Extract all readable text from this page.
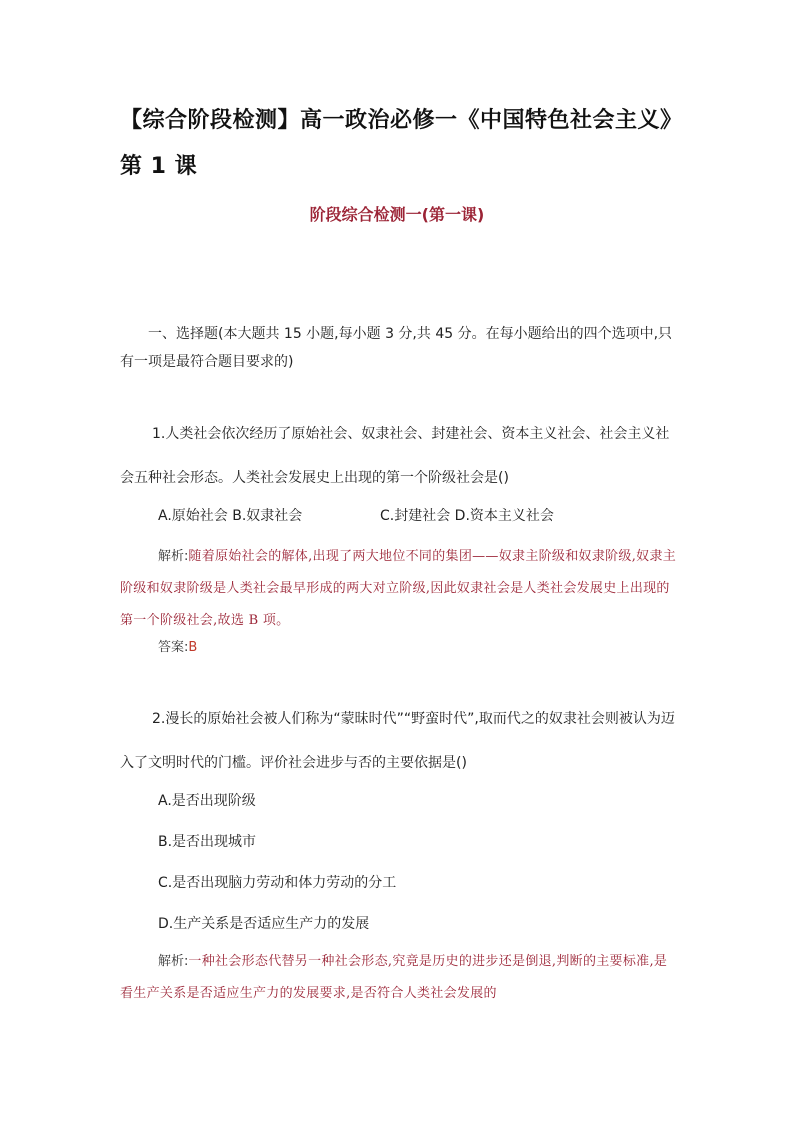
【综合阶段检测】高一政治必修一《中国特色社会主义》第 1 课
阶段综合检测一(第一课)
一、选择题(本大题共 15 小题,每小题 3 分,共 45 分。在每小题给出的四个选项中,只有一项是最符合题目要求的)
1.人类社会依次经历了原始社会、奴隶社会、封建社会、资本主义社会、社会主义社会五种社会形态。人类社会发展史上出现的第一个阶级社会是()
A.原始社会 B.奴隶社会	C.封建社会 D.资本主义社会
解析:随着原始社会的解体,出现了两大地位不同的集团——奴隶主阶级和奴隶阶级,奴隶主阶级和奴隶阶级是人类社会最早形成的两大对立阶级,因此奴隶社会是人类社会发展史上出现的第一个阶级社会,故选 B 项。
答案:B
2.漫长的原始社会被人们称为“蒙昧时代”“野蛮时代”,取而代之的奴隶社会则被认为迈入了文明时代的门槛。评价社会进步与否的主要依据是()
A.是否出现阶级
B.是否出现城市
C.是否出现脑力劳动和体力劳动的分工
D.生产关系是否适应生产力的发展
解析:一种社会形态代替另一种社会形态,究竟是历史的进步还是倒退,判断的主要标准,是看生产关系是否适应生产力的发展要求,是否符合人类社会发展的
